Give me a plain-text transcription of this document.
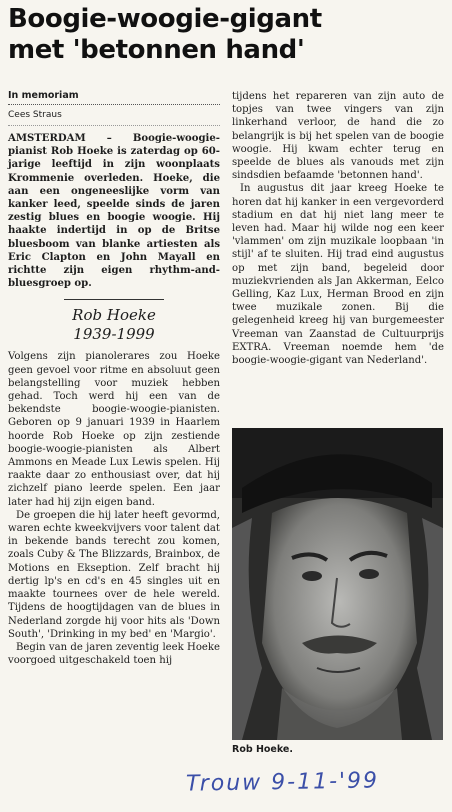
Boogie-woogie-gigant
met 'betonnen hand'
In memoriam
Cees Straus

AMSTERDAM – Boogie-woogie-pianist Rob Hoeke is zaterdag op 60-jarige leeftijd in zijn woonplaats Krommenie overleden. Hoeke, die aan een ongeneeslijke vorm van kanker leed, speelde sinds de jaren zestig blues en boogie woogie. Hij haakte indertijd in op de Britse bluesboom van blanke artiesten als Eric Clapton en John Mayall en richtte zijn eigen rhythm-and-bluesgroep op.

Rob Hoeke
1939-1999

Volgens zijn pianolerares zou Hoeke geen gevoel voor ritme en absoluut geen belangstelling voor muziek hebben gehad. Toch werd hij een van de bekendste boogie-woogie-pianisten. Geboren op 9 januari 1939 in Haarlem hoorde Rob Hoeke op zijn zestiende boogie-woogie-pianisten als Albert Ammons en Meade Lux Lewis spelen. Hij raakte daar zo enthousiast over, dat hij zichzelf piano leerde spelen. Een jaar later had hij zijn eigen band.

De groepen die hij later heeft gevormd, waren echte kweekvijvers voor talent dat in bekende bands terecht zou komen, zoals Cuby & The Blizzards, Brainbox, de Motions en Ekseption. Zelf bracht hij dertig lp's en cd's en 45 singles uit en maakte tournees over de hele wereld. Tijdens de hoogtijdagen van de blues in Nederland zorgde hij voor hits als 'Down South', 'Drinking in my bed' en 'Margio'.

Begin van de jaren zeventig leek Hoeke voorgoed uitgeschakeld toen hij

tijdens het repareren van zijn auto de topjes van twee vingers van zijn linkerhand verloor, de hand die zo belangrijk is bij het spelen van de boogie woogie. Hij kwam echter terug en speelde de blues als vanouds met zijn sindsdien befaamde 'betonnen hand'.

In augustus dit jaar kreeg Hoeke te horen dat hij kanker in een vergevorderd stadium en dat hij niet lang meer te leven had. Maar hij wilde nog een keer 'vlammen' om zijn muzikale loopbaan 'in stijl' af te sluiten. Hij trad eind augustus op met zijn band, begeleid door muziekvrienden als Jan Akkerman, Eelco Gelling, Kaz Lux, Herman Brood en zijn twee muzikale zonen. Bij die gelegenheid kreeg hij van burgemeester Vreeman van Zaanstad de Cultuurprijs EXTRA. Vreeman noemde hem 'de boogie-woogie-gigant van Nederland'.

Rob Hoeke.
Trouw 9-11-'99
